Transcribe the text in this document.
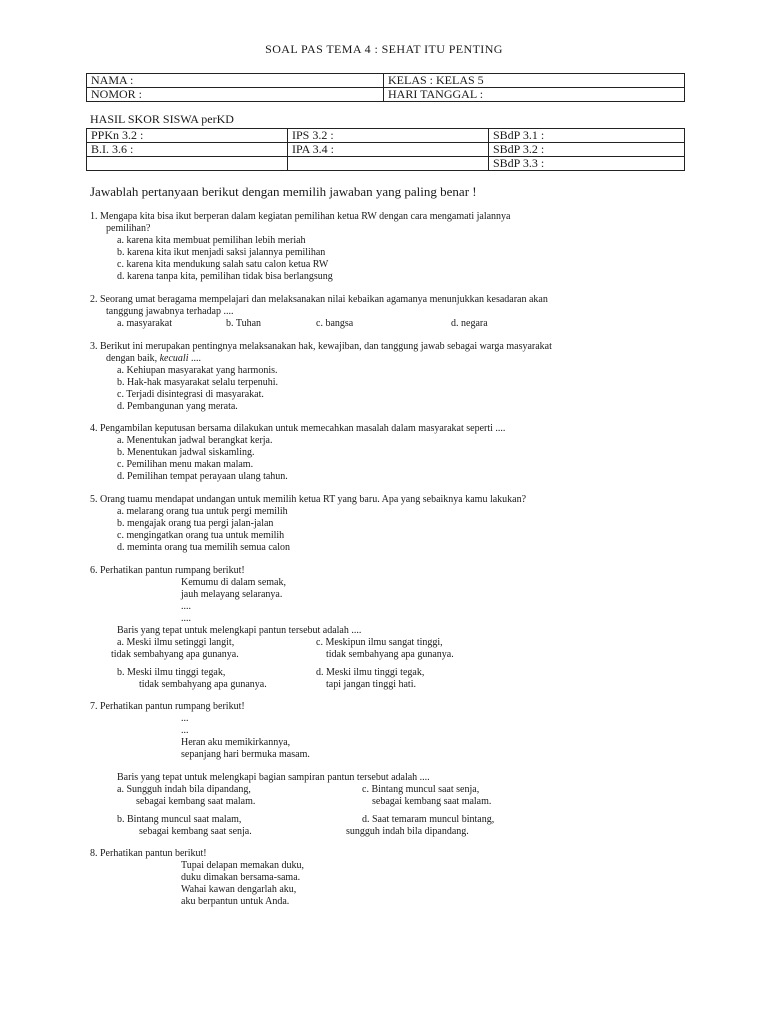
SOAL PAS TEMA 4 : SEHAT ITU PENTING
NAMA :	KELAS : KELAS 5
NOMOR :	HARI TANGGAL :
HASIL SKOR SISWA perKD
PPKn 3.2 :	IPS 3.2 :	SBdP 3.1 :
B.I. 3.6 :	IPA 3.4 :	SBdP 3.2 :
		SBdP 3.3 :
Jawablah pertanyaan berikut dengan memilih jawaban yang paling benar !
1. Mengapa kita bisa ikut berperan dalam kegiatan pemilihan ketua RW dengan cara mengamati jalannya
pemilihan?
a. karena kita membuat pemilihan lebih meriah
b. karena kita ikut menjadi saksi jalannya pemilihan
c. karena kita mendukung salah satu calon ketua RW
d. karena tanpa kita, pemilihan tidak bisa berlangsung
2. Seorang umat beragama mempelajari dan melaksanakan nilai kebaikan agamanya menunjukkan kesadaran akan
tanggung jawabnya terhadap ....
a. masyarakat	b. Tuhan	c. bangsa	d. negara
3. Berikut ini merupakan pentingnya melaksanakan hak, kewajiban, dan tanggung jawab sebagai warga masyarakat
dengan baik, kecuali ....
a. Kehiupan masyarakat yang harmonis.
b. Hak-hak masyarakat selalu terpenuhi.
c. Terjadi disintegrasi di masyarakat.
d. Pembangunan yang merata.
4. Pengambilan keputusan bersama dilakukan untuk memecahkan masalah dalam masyarakat seperti ....
a. Menentukan jadwal berangkat kerja.
b. Menentukan jadwal siskamling.
c. Pemilihan menu makan malam.
d. Pemilihan tempat perayaan ulang tahun.
5. Orang tuamu mendapat undangan untuk memilih ketua RT yang baru. Apa yang sebaiknya kamu lakukan?
a. melarang orang tua untuk pergi memilih
b. mengajak orang tua pergi jalan-jalan
c. mengingatkan orang tua untuk memilih
d. meminta orang tua memilih semua calon
6. Perhatikan pantun rumpang berikut!
Kemumu di dalam semak,
jauh melayang selaranya.
....
....
Baris yang tepat untuk melengkapi pantun tersebut adalah ....
a. Meski ilmu setinggi langit,
tidak sembahyang apa gunanya.
c. Meskipun ilmu sangat tinggi,
tidak sembahyang apa gunanya.
b. Meski ilmu tinggi tegak,
tidak sembahyang apa gunanya.
d. Meski ilmu tinggi tegak,
tapi jangan tinggi hati.
7. Perhatikan pantun rumpang berikut!
...
...
Heran aku memikirkannya,
sepanjang hari bermuka masam.
Baris yang tepat untuk melengkapi bagian sampiran pantun tersebut adalah ....
a. Sungguh indah bila dipandang,
sebagai kembang saat malam.
c. Bintang muncul saat senja,
sebagai kembang saat malam.
b. Bintang muncul saat malam,
sebagai kembang saat senja.
d. Saat temaram muncul bintang,
sungguh indah bila dipandang.
8. Perhatikan pantun berikut!
Tupai delapan memakan duku,
duku dimakan bersama-sama.
Wahai kawan dengarlah aku,
aku berpantun untuk Anda.
